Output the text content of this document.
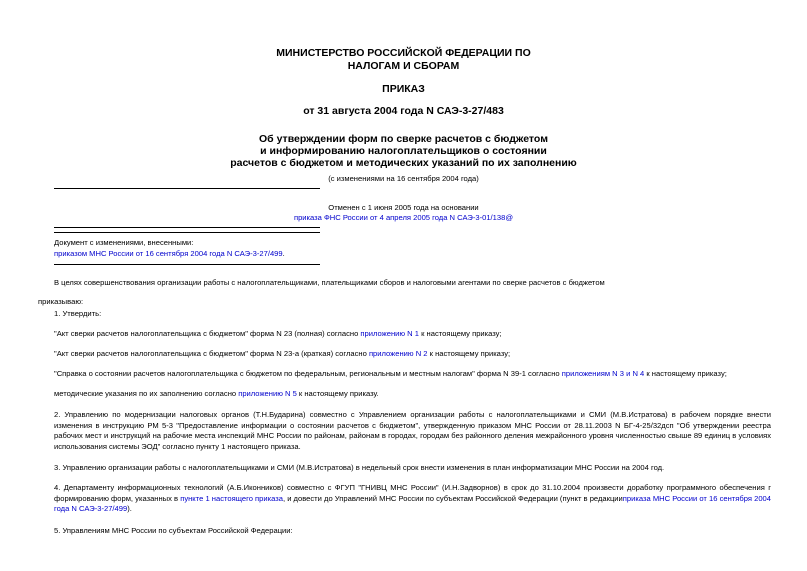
МИНИСТЕРСТВО РОССИЙСКОЙ ФЕДЕРАЦИИ ПО
НАЛОГАМ И СБОРАМ
ПРИКАЗ
от 31 августа 2004 года N САЭ-3-27/483
Об утверждении форм по сверке расчетов с бюджетом
и информированию налогоплательщиков о состоянии
расчетов с бюджетом и методических указаний по их заполнению
(с изменениями на 16 сентября 2004 года)
Отменен с 1 июня 2005 года на основании
приказа ФНС России от 4 апреля 2005 года N САЭ-3-01/138@
Документ с изменениями, внесенными:
приказом МНС России от 16 сентября 2004 года N САЭ-3-27/499.
В целях совершенствования организации работы с налогоплательщиками, плательщиками сборов и налоговыми агентами по сверке расчетов с бюджетом
приказываю:
1. Утвердить:
"Акт сверки расчетов налогоплательщика с бюджетом" форма N 23 (полная) согласно приложению N 1 к настоящему приказу;
"Акт сверки расчетов налогоплательщика с бюджетом" форма N 23-а (краткая) согласно приложению N 2 к настоящему приказу;
"Справка о состоянии расчетов налогоплательщика с бюджетом по федеральным, региональным и местным налогам" форма N 39-1 согласно приложениям N 3 и N 4 к настоящему приказу;
методические указания по их заполнению согласно приложению N 5 к настоящему приказу.
2. Управлению по модернизации налоговых органов (Т.Н.Бударина) совместно с Управлением организации работы с налогоплательщиками и СМИ (М.В.Истратова) в рабочем порядке внести изменения в инструкцию РМ 5-3 "Предоставление информации о состоянии расчетов с бюджетом", утвержденную приказом МНС России от 28.11.2003 N БГ-4-25/32дсп "Об утверждении реестра рабочих мест и инструкций на рабочие места инспекций МНС России по районам, районам в городах, городам без районного деления межрайонного уровня численностью свыше 89 единиц в условиях использования системы ЭОД" согласно пункту 1 настоящего приказа.
3. Управлению организации работы с налогоплательщиками и СМИ (М.В.Истратова) в недельный срок внести изменения в план информатизации МНС России на 2004 год.
4. Департаменту информационных технологий (А.Б.Иконников) совместно с ФГУП "ГНИВЦ МНС России" (И.Н.Задворнов) в срок до 31.10.2004 произвести доработку программного обеспечения г формированию форм, указанных в пункте 1 настоящего приказа, и довести до Управлений МНС России по субъектам Российской Федерации (пункт в редакцииприказа МНС России от 16 сентября 2004 года N САЭ-3-27/499).
5. Управлениям МНС России по субъектам Российской Федерации:
